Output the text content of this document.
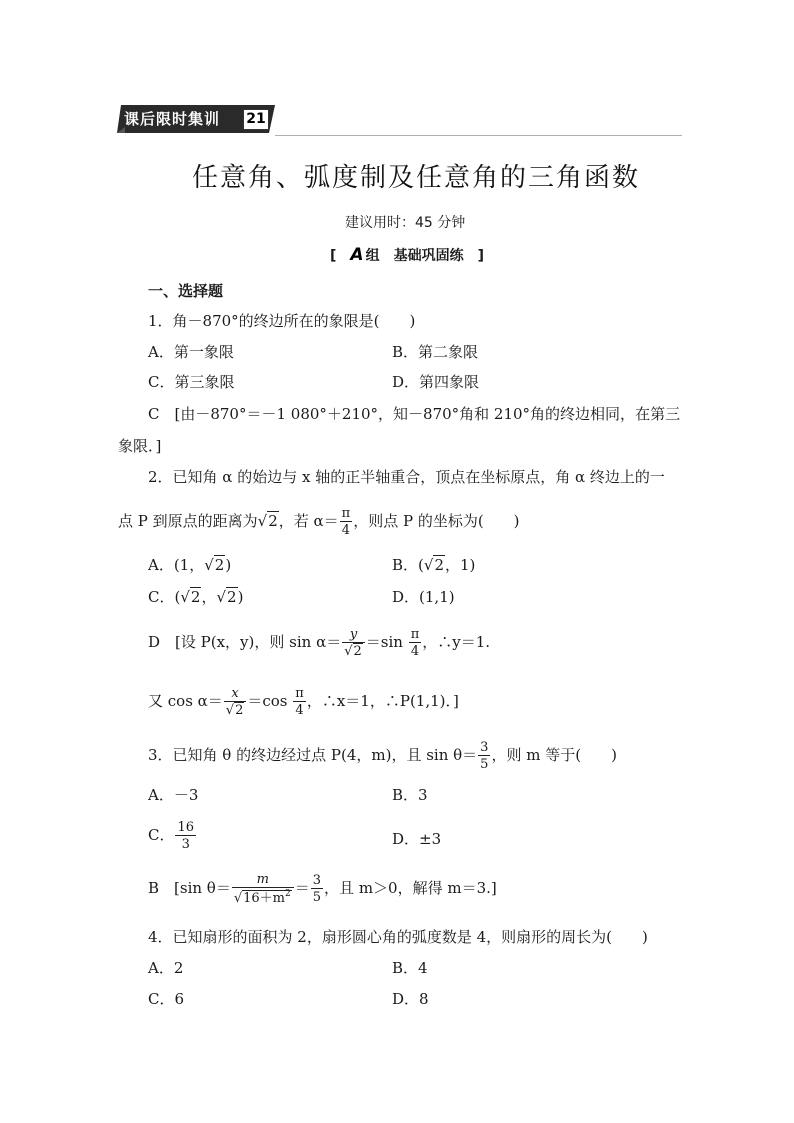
课后限时集训 21
任意角、弧度制及任意角的三角函数
建议用时：45 分钟
[　A 组　基础巩固练　]
一、选择题
1．角－870°的终边所在的象限是(　　)
A．第一象限	B．第二象限
C．第三象限	D．第四象限
C　[由－870°＝－1 080°＋210°，知－870°角和 210°角的终边相同，在第三
象限．]
2．已知角 α 的始边与 x 轴的正半轴重合，顶点在坐标原点，角 α 终边上的一
点 P 到原点的距离为√2，若 $\alpha= \frac{\pi}{4}$ ，则点 P 的坐标为(　　)
A．(1，√2)	B．(√2，1)
C．(√2，√2)	D．(1,1)
D　[设 P(x，y)，则 $\sin \alpha= \frac{y}{√2} =\sin \frac{\pi}{4}$ ，∴y＝1.
又 $\cos \alpha= \frac{x}{√2} =\cos \frac{\pi}{4}$ ，∴x＝1，∴P(1,1)．]
3．已知角 θ 的终边经过点 P(4，m)，且 $\sin \theta= \frac{3}{5}$ ，则 m 等于(　　)
A．－3	B．3
C． $\frac{16}{3}$	D．±3
B　[sin $\theta= \frac{m}{√16+m^2} = \frac{3}{5}$ ，且 m＞0，解得 m＝3.]
4．已知扇形的面积为 2，扇形圆心角的弧度数是 4，则扇形的周长为(　　)
A．2	B．4
C．6	D．8
